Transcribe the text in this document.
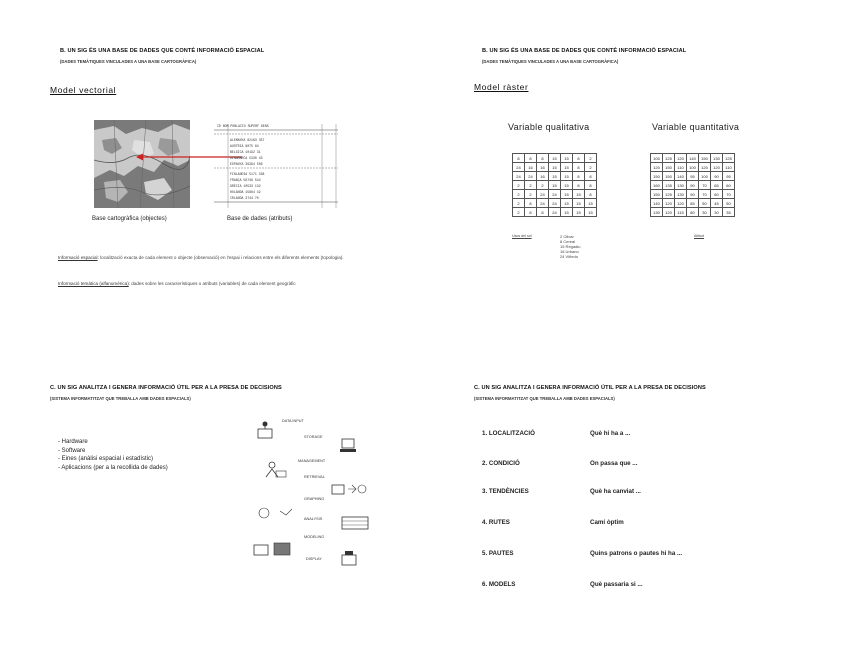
B. UN SIG ÉS UNA BASE DE DADES QUE CONTÉ INFORMACIÓ ESPACIAL
(DADES TEMÀTIQUES VINCULADES A UNA BASE CARTOGRÀFICA)
Model vectorial
ID NOM POBLACIO SUPERF DENS
ALEMANYA 82163 357
AUSTRIA 8075 84
BELGICA 10192 31
DINAMARCA 5330 43
ESPANYA 39394 506
FINLANDIA 5171 338
FRANÇA 58749 544
GRECIA 10533 132
HOLANDA 15864 42
IRLANDA 3744 70
Base cartogràfica (objectes)	Base de dades (atributs)
Informació espacial: localització exacta de cada element o objecte (observació) en l'espai i relacions entre els diferents elements (topologia).
Informació temàtica (alfanumèrica): dades sobre les característiques o atributs (variables) de cada element geogràfic
B. UN SIG ÉS UNA BASE DE DADES QUE CONTÉ INFORMACIÓ ESPACIAL
(DADES TEMÀTIQUES VINCULADES A UNA BASE CARTOGRÀFICA)
Model ràster
Variable qualitativa	Variable quantitativa
8	8	8	15	15	8	2
24	16	16	15	15	8	2
24	24	16	15	15	8	8
2	2	2	15	15	8	8
2	2	24	24	15	15	8
2	8	24	24	15	15	15
2	8	8	24	15	15	15
100	125	120	140	150	130	125
120	150	110	100	120	120	110
150	150	140	95	100	90	95
160	135	130	90	70	65	60
150	125	130	90	70	60	70
140	120	120	85	50	45	50
130	120	115	80	30	30	35
Usos del sòl	Altitud
2 Olivar
8 Cereal
15 Regadiu
16 Urbano
24 Viñedo
C. UN SIG ANALITZA I GENERA INFORMACIÓ ÚTIL PER A LA PRESA DE DECISIONS
(SISTEMA INFORMATITZAT QUE TREBALLA AMB DADES ESPACIALS)
- Hardware
- Software
- Eines (anàlisi espacial i estadístic)
- Aplicacions (per a la recollida de dades)
DATA INPUT
STORAGE
MANAGEMENT
RETRIEVAL
GRAPHING
ANALYSIS
MODELING
DISPLAY
C. UN SIG ANALITZA I GENERA INFORMACIÓ ÚTIL PER A LA PRESA DE DECISIONS
(SISTEMA INFORMATITZAT QUE TREBALLA AMB DADES ESPACIALS)
1. LOCALITZACIÓ	Què hi ha a ...
2. CONDICIÓ	On passa que ...
3. TENDÈNCIES	Què ha canviat ...
4. RUTES	Camí òptim
5. PAUTES	Quins patrons o pautes hi ha ...
6. MODELS	Què passaria si ...
